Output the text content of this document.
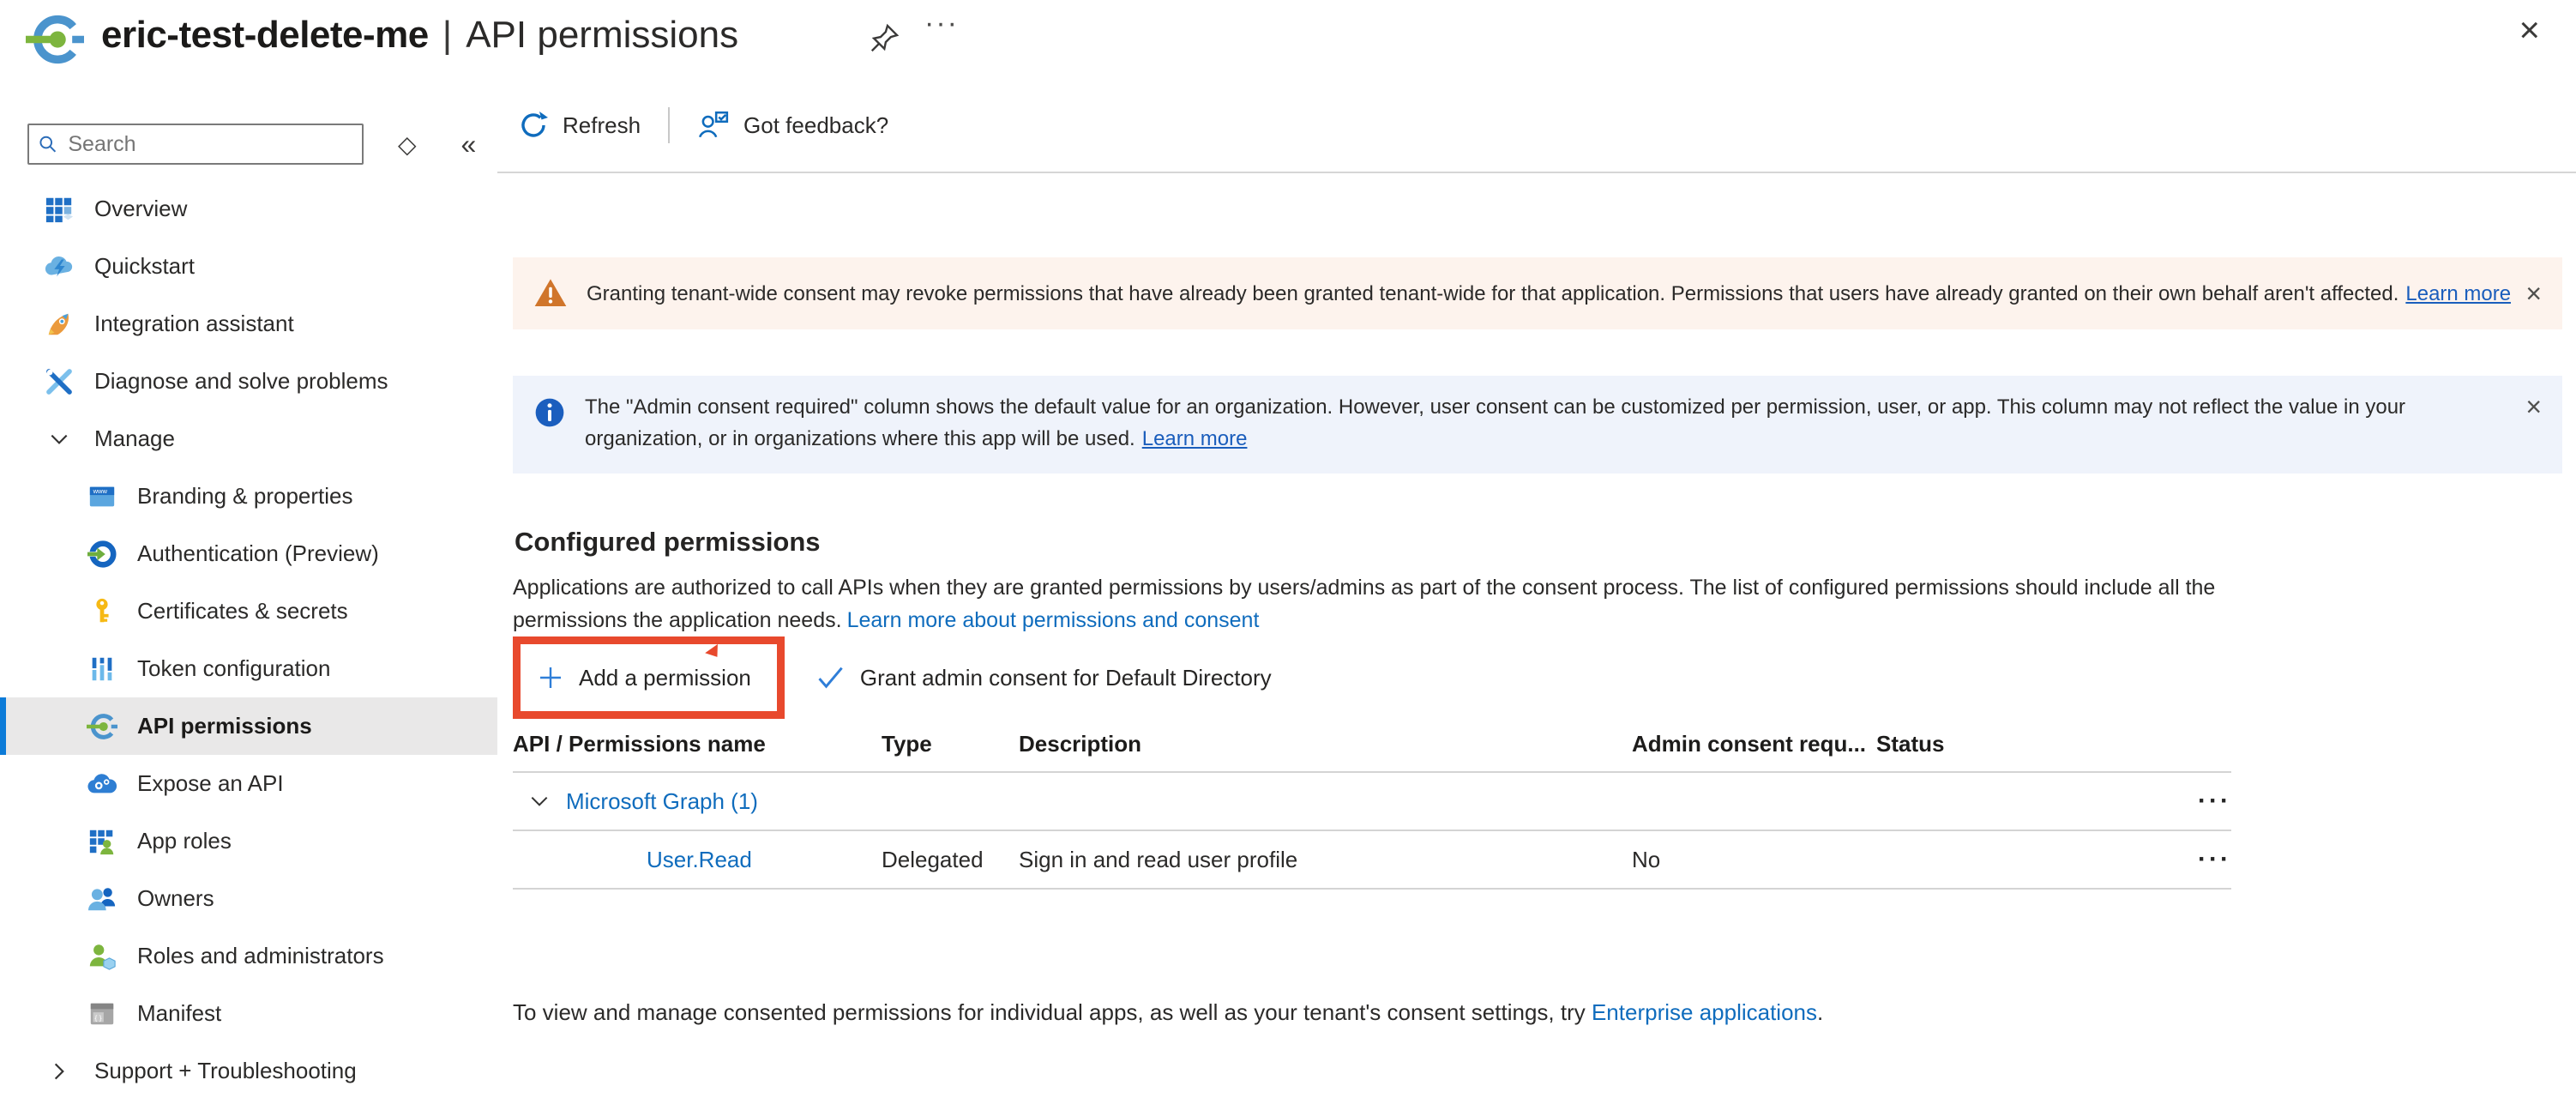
eric-test-delete-me | API permissions	···	×
Search
◇ «
Overview
Quickstart
Integration assistant
Diagnose and solve problems
Manage
www Branding & properties
Authentication (Preview)
Certificates & secrets
Token configuration
API permissions
Expose an API
App roles
Owners
Roles and administrators
{ } Manifest
Support + Troubleshooting
Refresh	Got feedback?
Granting tenant-wide consent may revoke permissions that have already been granted tenant-wide for that application. Permissions that users have already granted on their own behalf aren't affected. Learn more ×
The "Admin consent required" column shows the default value for an organization. However, user consent can be customized per permission, user, or app. This column may not reflect the value in your organization, or in organizations where this app will be used. Learn more
×
Configured permissions
Applications are authorized to call APIs when they are granted permissions by users/admins as part of the consent process. The list of configured permissions should include all the permissions the application needs. Learn more about permissions and consent
Add a permission	Grant admin consent for Default Directory
API / Permissions name	Type	Description	Admin consent requ... Status
Microsoft Graph (1)	···
User.Read	Delegated	Sign in and read user profile	No	···
To view and manage consented permissions for individual apps, as well as your tenant's consent settings, try Enterprise applications.
